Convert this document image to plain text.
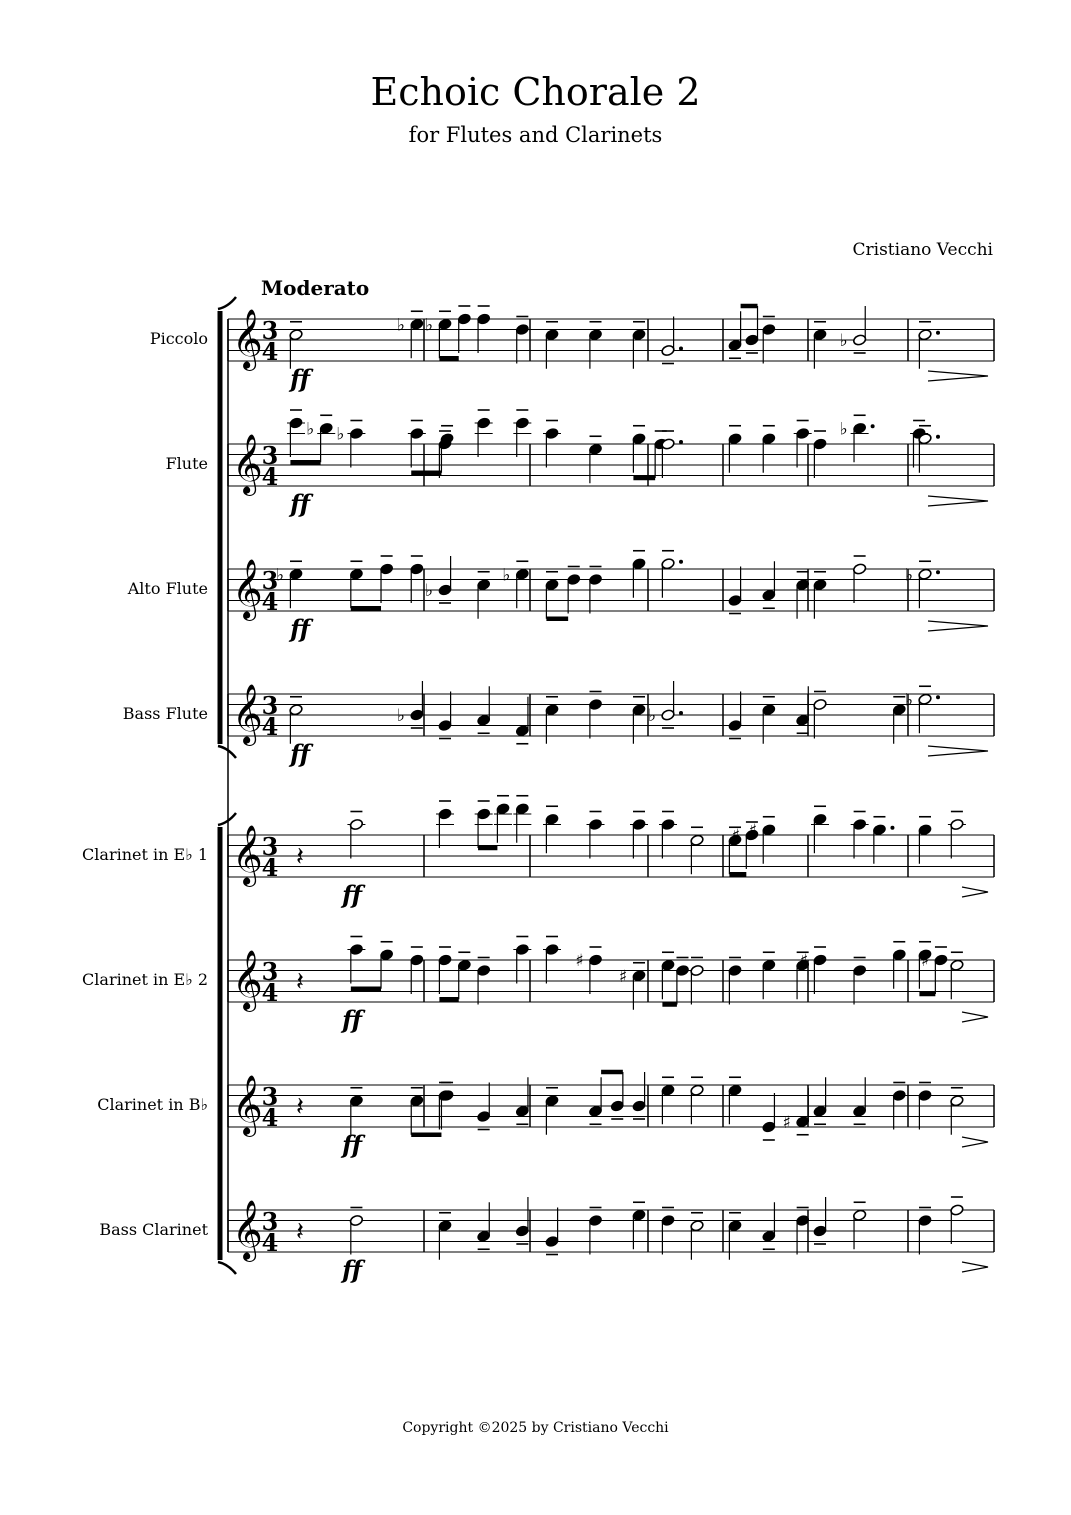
Echoic Chorale 2
for Flutes and Clarinets
Cristiano Vecchi
Moderato
Piccolo 𝄞
3
4
♭ ♭
♭
ff
Flute 𝄞
3
4
♭ ♭	♭
ff
Alto Flute 𝄞
3
4
♭
♭
♭	♭
ff
Bass Flute 𝄞
3
4	♭	♭
♭
ff
Clarinet in E♭ 1 𝄞
3
4 𝄽
♯ ♯
ff
Clarinet in E♭ 2 𝄞
3
4 𝄽
♯
♯
♯	♯
ff
Clarinet in B♭ 𝄞
3
4 𝄽
♯
ff
Bass Clarinet 𝄞
3
4 𝄽
ff
Copyright ©2025 by Cristiano Vecchi
